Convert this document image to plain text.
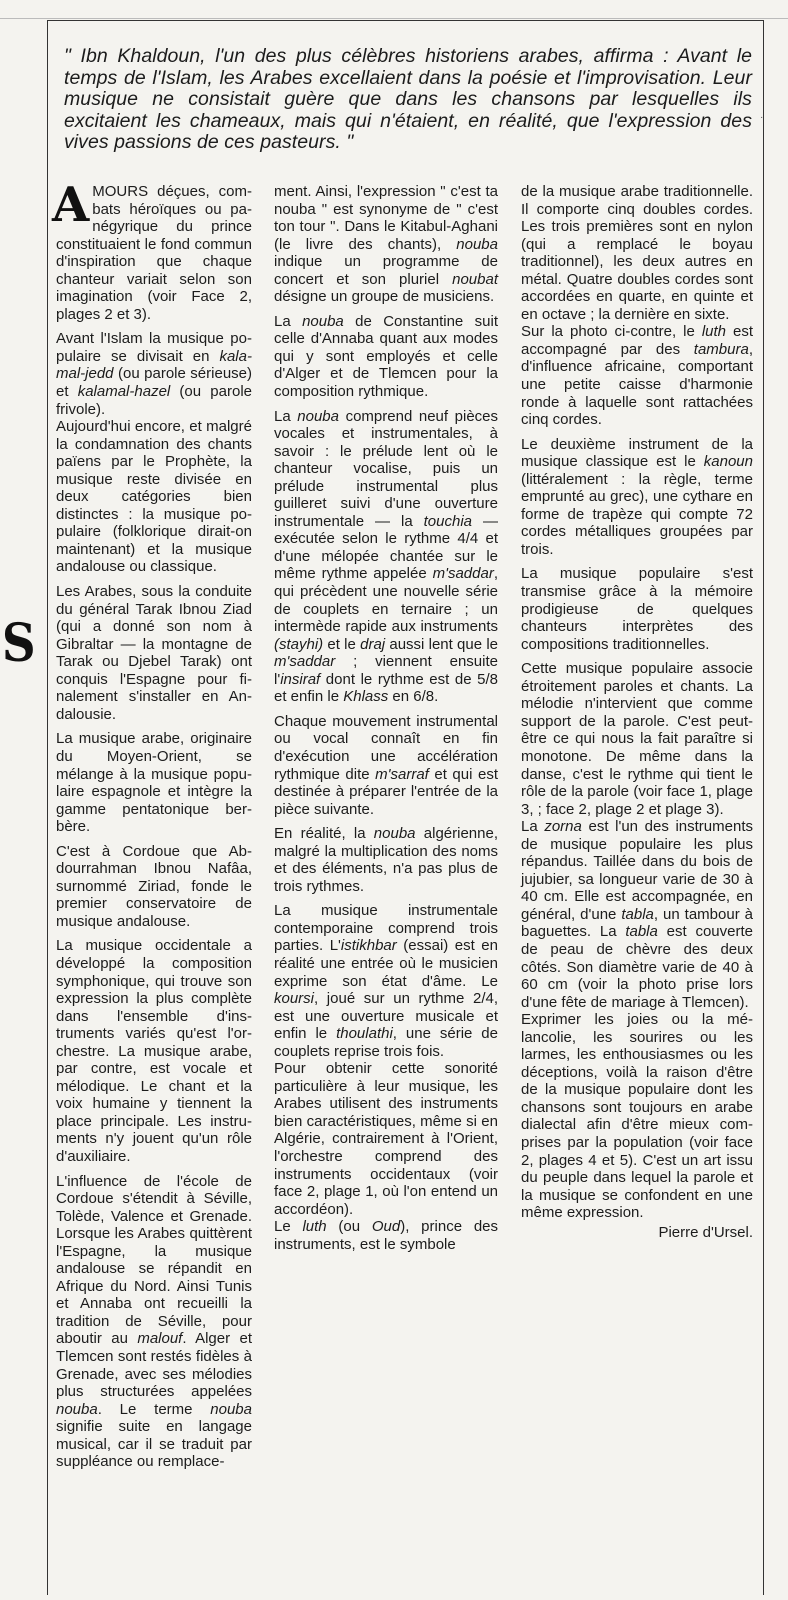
S
·
" Ibn Khaldoun, l'un des plus célèbres historiens arabes, affirma : Avant le temps de l'Islam, les Arabes excellaient dans la poésie et l'improvisation. Leur musique ne consistait guère que dans les chansons par lesquelles ils excitaient les chameaux, mais qui n'étaient, en réalité, que l'expression des vives passions de ces pasteurs. "

AMOURS déçues, combats héroïques ou panégyrique du prince constituaient le fond commun d'inspiration que chaque chanteur variait selon son imagination (voir Face 2, plages 2 et 3).

Avant l'Islam la musique populaire se divisait en kalamal-jedd (ou parole sérieuse) et kalamal-hazel (ou parole frivole).

Aujourd'hui encore, et malgré la condamnation des chants païens par le Prophète, la musique reste divisée en deux catégories bien distinctes : la musique populaire (folklorique dirait-on maintenant) et la musique andalouse ou classique.

Les Arabes, sous la conduite du général Tarak Ibnou Ziad (qui a donné son nom à Gibraltar — la montagne de Tarak ou Djebel Tarak) ont conquis l'Espagne pour finalement s'installer en Andalousie.

La musique arabe, originaire du Moyen-Orient, se mélange à la musique populaire espagnole et intègre la gamme pentatonique berbère.

C'est à Cordoue que Abdourrahman Ibnou Nafâa, surnommé Ziriad, fonde le premier conservatoire de musique andalouse.

La musique occidentale a développé la composition symphonique, qui trouve son expression la plus complète dans l'ensemble d'instruments variés qu'est l'orchestre. La musique arabe, par contre, est vocale et mélodique. Le chant et la voix humaine y tiennent la place principale. Les instruments n'y jouent qu'un rôle d'auxiliaire.

L'influence de l'école de Cordoue s'étendit à Séville, Tolède, Valence et Grenade. Lorsque les Arabes quittèrent l'Espagne, la musique andalouse se répandit en Afrique du Nord. Ainsi Tunis et Annaba ont recueilli la tradition de Séville, pour aboutir au malouf. Alger et Tlemcen sont restés fidèles à Grenade, avec ses mélodies plus structurées appelées nouba. Le terme nouba signifie suite en langage musical, car il se traduit par suppléance ou remplace-

ment. Ainsi, l'expression " c'est ta nouba " est synonyme de " c'est ton tour ". Dans le Kitabul-Aghani (le livre des chants), nouba indique un programme de concert et son pluriel noubat désigne un groupe de musiciens.

La nouba de Constantine suit celle d'Annaba quant aux modes qui y sont employés et celle d'Alger et de Tlemcen pour la composition rythmique.

La nouba comprend neuf pièces vocales et instrumentales, à savoir : le prélude lent où le chanteur vocalise, puis un prélude instrumental plus guilleret suivi d'une ouverture instrumentale — la touchia — exécutée selon le rythme 4/4 et d'une mélopée chantée sur le même rythme appelée m'saddar, qui précèdent une nouvelle série de couplets en ternaire ; un intermède rapide aux instruments (stayhi) et le draj aussi lent que le m'saddar ; viennent ensuite l'insiraf dont le rythme est de 5/8 et enfin le Khlass en 6/8.

Chaque mouvement instrumental ou vocal connaît en fin d'exécution une accélération rythmique dite m'sarraf et qui est destinée à préparer l'entrée de la pièce suivante.

En réalité, la nouba algérienne, malgré la multiplication des noms et des éléments, n'a pas plus de trois rythmes.

La musique instrumentale contemporaine comprend trois parties. L'istikhbar (essai) est en réalité une entrée où le musicien exprime son état d'âme. Le koursi, joué sur un rythme 2/4, est une ouverture musicale et enfin le thoulathi, une série de couplets reprise trois fois.

Pour obtenir cette sonorité particulière à leur musique, les Arabes utilisent des instruments bien caractéristiques, même si en Algérie, contrairement à l'Orient, l'orchestre comprend des instruments occidentaux (voir face 2, plage 1, où l'on entend un accordéon).

Le luth (ou Oud), prince des instruments, est le symbole

de la musique arabe traditionnelle. Il comporte cinq doubles cordes. Les trois premières sont en nylon (qui a remplacé le boyau traditionnel), les deux autres en métal. Quatre doubles cordes sont accordées en quarte, en quinte et en octave ; la dernière en sixte.

Sur la photo ci-contre, le luth est accompagné par des tambura, d'influence africaine, comportant une petite caisse d'harmonie ronde à laquelle sont rattachées cinq cordes.

Le deuxième instrument de la musique classique est le kanoun (littéralement : la règle, terme emprunté au grec), une cythare en forme de trapèze qui compte 72 cordes métalliques groupées par trois.

La musique populaire s'est transmise grâce à la mémoire prodigieuse de quelques chanteurs interprètes des compositions traditionnelles.

Cette musique populaire associe étroitement paroles et chants. La mélodie n'intervient que comme support de la parole. C'est peut-être ce qui nous la fait paraître si monotone. De même dans la danse, c'est le rythme qui tient le rôle de la parole (voir face 1, plage 3, ; face 2, plage 2 et plage 3).

La zorna est l'un des instruments de musique populaire les plus répandus. Taillée dans du bois de jujubier, sa longueur varie de 30 à 40 cm. Elle est accompagnée, en général, d'une tabla, un tambour à baguettes. La tabla est couverte de peau de chèvre des deux côtés. Son diamètre varie de 40 à 60 cm (voir la photo prise lors d'une fête de mariage à Tlemcen).

Exprimer les joies ou la mélancolie, les sourires ou les larmes, les enthousiasmes ou les déceptions, voilà la raison d'être de la musique populaire dont les chansons sont toujours en arabe dialectal afin d'être mieux comprises par la population (voir face 2, plages 4 et 5). C'est un art issu du peuple dans lequel la parole et la musique se confondent en une même expression.

Pierre d'Ursel.
